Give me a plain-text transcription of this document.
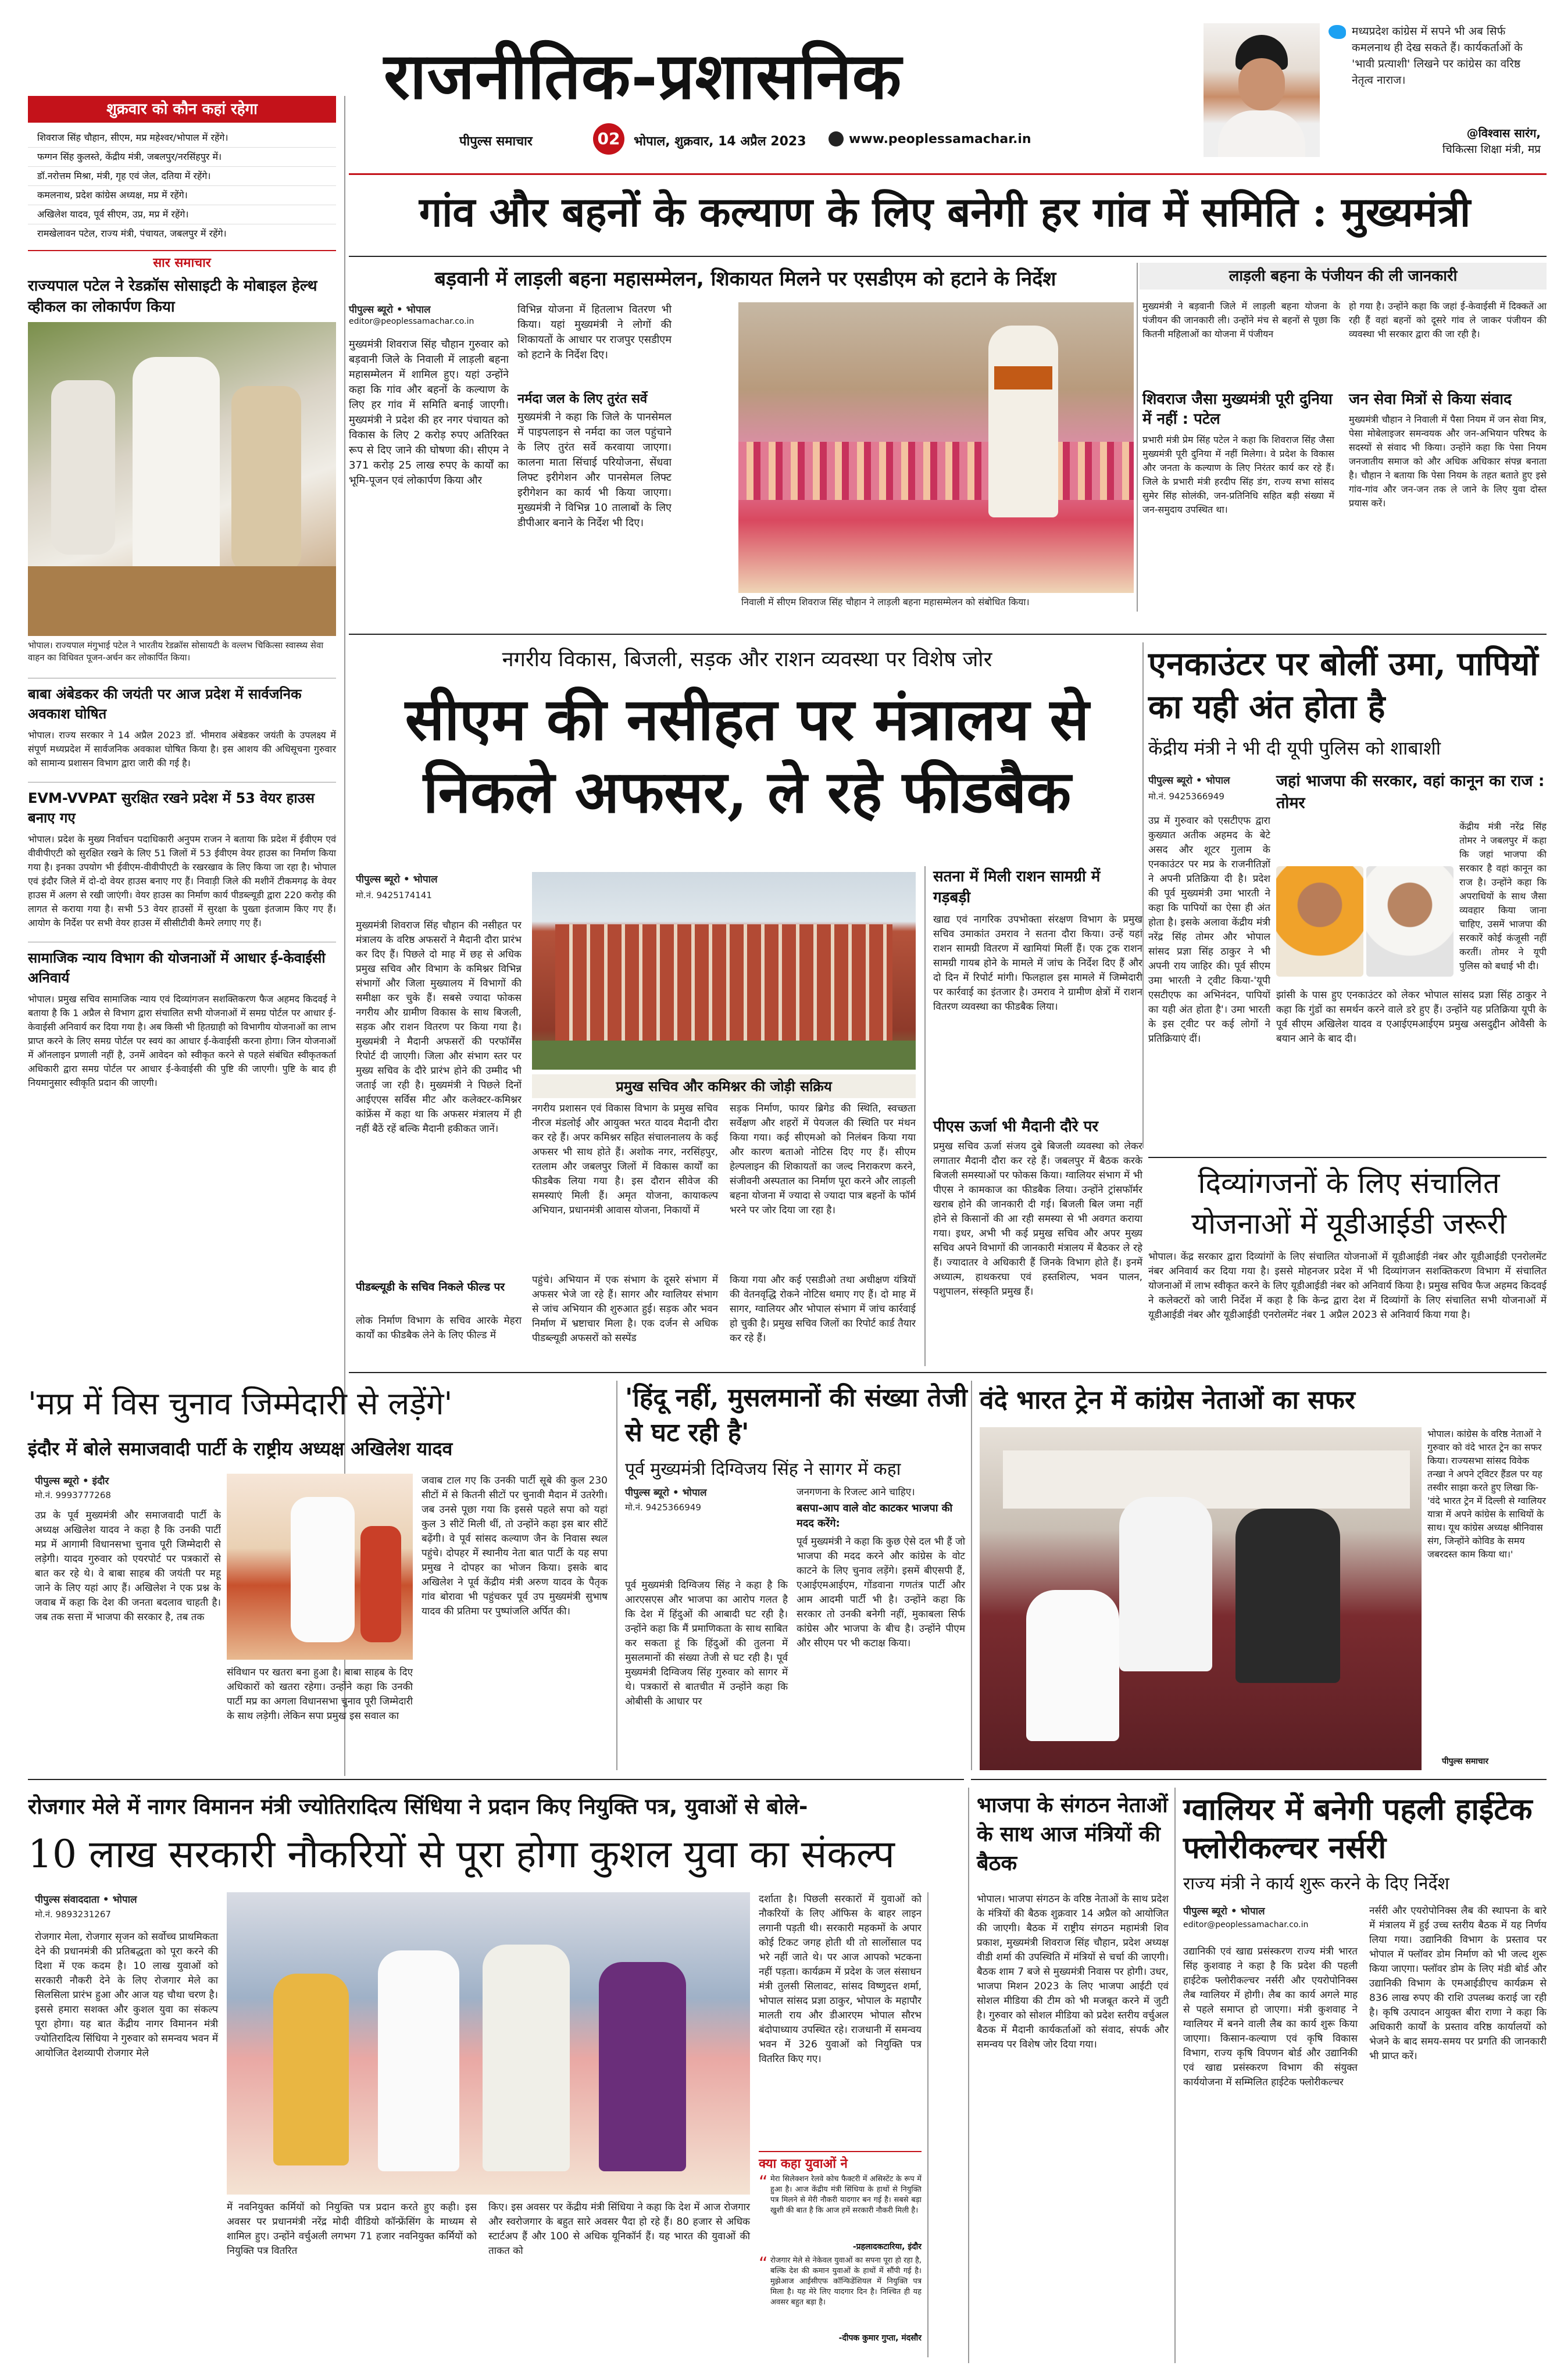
राजनीतिक-प्रशासनिक
पीपुल्स समाचार	02	भोपाल, शुक्रवार, 14 अप्रैल 2023	www.peoplessamachar.in
मध्यप्रदेश कांग्रेस में सपने भी अब सिर्फ कमलनाथ ही देख सकते हैं। कार्यकर्ताओं के 'भावी प्रत्याशी' लिखने पर कांग्रेस का वरिष्ठ नेतृत्व नाराज।
@विश्वास सारंग,
चिकित्सा शिक्षा मंत्री, मप्र
शुक्रवार को कौन कहां रहेगा
शिवराज सिंह चौहान, सीएम, मप्र महेश्वर/भोपाल में रहेंगे।
फग्गन सिंह कुलस्ते, केंद्रीय मंत्री, जबलपुर/नरसिंहपुर में।
डॉ.नरोत्तम मिश्रा, मंत्री, गृह एवं जेल, दतिया में रहेंगे।
कमलनाथ, प्रदेश कांग्रेस अध्यक्ष, मप्र में रहेंगे।
अखिलेश यादव, पूर्व सीएम, उप्र, मप्र में रहेंगे।
रामखेलावन पटेल, राज्य मंत्री, पंचायत, जबलपुर में रहेंगे।
सार समाचार
राज्यपाल पटेल ने रेडक्रॉस सोसाइटी के मोबाइल हेल्थ व्हीकल का लोकार्पण किया
भोपाल। राज्यपाल मंगुभाई पटेल ने भारतीय रेडक्रॉस सोसायटी के वल्लभ चिकित्सा स्वास्थ्य सेवा वाहन का विधिवत पूजन-अर्चन कर लोकार्पित किया।
बाबा अंबेडकर की जयंती पर आज प्रदेश में सार्वजनिक अवकाश घोषित
भोपाल। राज्य सरकार ने 14 अप्रैल 2023 डॉ. भीमराव अंबेडकर जयंती के उपलक्ष्य में संपूर्ण मध्यप्रदेश में सार्वजनिक अवकाश घोषित किया है। इस आशय की अधिसूचना गुरुवार को सामान्य प्रशासन विभाग द्वारा जारी की गई है।
EVM-VVPAT सुरक्षित रखने प्रदेश में 53 वेयर हाउस बनाए गए
भोपाल। प्रदेश के मुख्य निर्वाचन पदाधिकारी अनुपम राजन ने बताया कि प्रदेश में ईवीएम एवं वीवीपीएटी को सुरक्षित रखने के लिए 51 जिलों में 53 ईवीएम वेयर हाउस का निर्माण किया गया है। इनका उपयोग भी ईवीएम-वीवीपीएटी के रखरखाव के लिए किया जा रहा है। भोपाल एवं इंदौर जिले में दो-दो वेयर हाउस बनाए गए हैं। निवाड़ी जिले की मशीनें टीकमगढ़ के वेयर हाउस में अलग से रखी जाएंगी। वेयर हाउस का निर्माण कार्य पीडब्ल्यूडी द्वारा 220 करोड़ की लागत से कराया गया है। सभी 53 वेयर हाउसों में सुरक्षा के पुख्ता इंतजाम किए गए हैं। आयोग के निर्देश पर सभी वेयर हाउस में सीसीटीवी कैमरे लगाए गए हैं।
सामाजिक न्याय विभाग की योजनाओं में आधार ई-केवाईसी अनिवार्य
भोपाल। प्रमुख सचिव सामाजिक न्याय एवं दिव्यांगजन सशक्तिकरण फैज अहमद किदवई ने बताया है कि 1 अप्रैल से विभाग द्वारा संचालित सभी योजनाओं में समग्र पोर्टल पर आधार ई-केवाईसी अनिवार्य कर दिया गया है। अब किसी भी हितग्राही को विभागीय योजनाओं का लाभ प्राप्त करने के लिए समग्र पोर्टल पर स्वयं का आधार ई-केवाईसी करना होगा। जिन योजनाओं में ऑनलाइन प्रणाली नहीं है, उनमें आवेदन को स्वीकृत करने से पहले संबंधित स्वीकृतकर्ता अधिकारी द्वारा समग्र पोर्टल पर आधार ई-केवाईसी की पुष्टि की जाएगी। पुष्टि के बाद ही नियमानुसार स्वीकृति प्रदान की जाएगी।
गांव और बहनों के कल्याण के लिए बनेगी हर गांव में समिति : मुख्यमंत्री
बड़वानी में लाड़ली बहना महासम्मेलन, शिकायत मिलने पर एसडीएम को हटाने के निर्देश	लाड़ली बहना के पंजीयन की ली जानकारी
पीपुल्स ब्यूरो • भोपाल
editor@peoplessamachar.co.in
मुख्यमंत्री शिवराज सिंह चौहान गुरुवार को बड़वानी जिले के निवाली में लाड़ली बहना महासम्मेलन में शामिल हुए। यहां उन्होंने कहा कि गांव और बहनों के कल्याण के लिए हर गांव में समिति बनाई जाएगी। मुख्यमंत्री ने प्रदेश की हर नगर पंचायत को विकास के लिए 2 करोड़ रुपए अतिरिक्त रूप से दिए जाने की घोषणा की। सीएम ने 371 करोड़ 25 लाख रुपए के कार्यों का भूमि-पूजन एवं लोकार्पण किया और
विभिन्न योजना में हितलाभ वितरण भी किया। यहां मुख्यमंत्री ने लोगों की शिकायतों के आधार पर राजपुर एसडीएम को हटाने के निर्देश दिए।
नर्मदा जल के लिए तुरंत सर्वे
मुख्यमंत्री ने कहा कि जिले के पानसेमल में पाइपलाइन से नर्मदा का जल पहुंचाने के लिए तुरंत सर्वे करवाया जाएगा। कालना माता सिंचाई परियोजना, सेंधवा लिफ्ट इरीगेशन और पानसेमल लिफ्ट इरीगेशन का कार्य भी किया जाएगा। मुख्यमंत्री ने विभिन्न 10 तालाबों के लिए डीपीआर बनाने के निर्देश भी दिए।
निवाली में सीएम शिवराज सिंह चौहान ने लाड़ली बहना महासम्मेलन को संबोधित किया।
मुख्यमंत्री ने बड़वानी जिले में लाड़ली बहना योजना के पंजीयन की जानकारी ली। उन्होंने मंच से बहनों से पूछा कि कितनी महिलाओं का योजना में पंजीयन
हो गया है। उन्होंने कहा कि जहां ई-केवाईसी में दिक्कतें आ रही हैं वहां बहनों को दूसरे गांव ले जाकर पंजीयन की व्यवस्था भी सरकार द्वारा की जा रही है।
शिवराज जैसा मुख्यमंत्री पूरी दुनिया में नहीं : पटेल
प्रभारी मंत्री प्रेम सिंह पटेल ने कहा कि शिवराज सिंह जैसा मुख्यमंत्री पूरी दुनिया में नहीं मिलेगा। वे प्रदेश के विकास और जनता के कल्याण के लिए निरंतर कार्य कर रहे हैं। जिले के प्रभारी मंत्री हरदीप सिंह डंग, राज्य सभा सांसद सुमेर सिंह सोलंकी, जन-प्रतिनिधि सहित बड़ी संख्या में जन-समुदाय उपस्थित था।
जन सेवा मित्रों से किया संवाद
मुख्यमंत्री चौहान ने निवाली में पैसा नियम में जन सेवा मित्र, पेसा मोबेलाइजर समन्वयक और जन-अभियान परिषद के सदस्यों से संवाद भी किया। उन्होंने कहा कि पेसा नियम जनजातीय समाज को और अधिक अधिकार संपन्न बनाता है। चौहान ने बताया कि पेसा नियम के तहत बताते हुए इसे गांव-गांव और जन-जन तक ले जाने के लिए युवा दोस्त प्रयास करें।
नगरीय विकास, बिजली, सड़क और राशन व्यवस्था पर विशेष जोर
सीएम की नसीहत पर मंत्रालय से निकले अफसर, ले रहे फीडबैक
पीपुल्स ब्यूरो • भोपाल
मो.नं. 9425174141
मुख्यमंत्री शिवराज सिंह चौहान की नसीहत पर मंत्रालय के वरिष्ठ अफसरों ने मैदानी दौरा प्रारंभ कर दिए हैं। पिछले दो माह में छह से अधिक प्रमुख सचिव और विभाग के कमिश्नर विभिन्न संभागों और जिला मुख्यालय में विभागों की समीक्षा कर चुके हैं। सबसे ज्यादा फोकस नगरीय और ग्रामीण विकास के साथ बिजली, सड़क और राशन वितरण पर किया गया है। मुख्यमंत्री ने मैदानी अफसरों की परफॉर्मेंस रिपोर्ट दी जाएगी। जिला और संभाग स्तर पर मुख्य सचिव के दौरे प्रारंभ होने की उम्मीद भी जताई जा रही है। मुख्यमंत्री ने पिछले दिनों आईएएस सर्विस मीट और कलेक्टर-कमिश्नर कांफ्रेंस में कहा था कि अफसर मंत्रालय में ही नहीं बैठें रहें बल्कि मैदानी हकीकत जानें।
पीडब्ल्यूडी के सचिव निकले फील्ड पर
लोक निर्माण विभाग के सचिव आरके मेहरा कार्यों का फीडबैक लेने के लिए फील्ड में
प्रमुख सचिव और कमिश्नर की जोड़ी सक्रिय
नगरीय प्रशासन एवं विकास विभाग के प्रमुख सचिव नीरज मंडलोई और आयुक्त भरत यादव मैदानी दौरा कर रहे हैं। अपर कमिश्नर सहित संचालनालय के कई अफसर भी साथ होते हैं। अशोक नगर, नरसिंहपुर, रतलाम और जबलपुर जिलों में विकास कार्यों का फीडबैक लिया गया है। इस दौरान सीवेज की समस्याएं मिली हैं। अमृत योजना, कायाकल्प अभियान, प्रधानमंत्री आवास योजना, निकायों में
सड़क निर्माण, फायर ब्रिगेड की स्थिति, स्वच्छता सर्वेक्षण और शहरों में पेयजल की स्थिति पर मंथन किया गया। कई सीएमओ को निलंबन किया गया और कारण बताओ नोटिस दिए गए हैं। सीएम हेल्पलाइन की शिकायतों का जल्द निराकरण करने, संजीवनी अस्पताल का निर्माण पूरा करने और लाड़ली बहना योजना में ज्यादा से ज्यादा पात्र बहनों के फॉर्म भरने पर जोर दिया जा रहा है।
पहुंचे। अभियान में एक संभाग के दूसरे संभाग में अफसर भेजे जा रहे हैं। सागर और ग्वालियर संभाग से जांच अभियान की शुरुआत हुई। सड़क और भवन निर्माण में भ्रष्टाचार मिला है। एक दर्जन से अधिक पीडब्ल्यूडी अफसरों को सस्पेंड
किया गया और कई एसडीओ तथा अधीक्षण यंत्रियों की वेतनवृद्धि रोकने नोटिस थमाए गए हैं। दो माह में सागर, ग्वालियर और भोपाल संभाग में जांच कार्रवाई हो चुकी है। प्रमुख सचिव जिलों का रिपोर्ट कार्ड तैयार कर रहे हैं।
सतना में मिली राशन सामग्री में गड़बड़ी
खाद्य एवं नागरिक उपभोक्ता संरक्षण विभाग के प्रमुख सचिव उमाकांत उमराव ने सतना दौरा किया। उन्हें यहां राशन सामग्री वितरण में खामियां मिलीं हैं। एक ट्रक राशन सामग्री गायब होने के मामले में जांच के निर्देश दिए हैं और दो दिन में रिपोर्ट मांगी। फिलहाल इस मामले में जिम्मेदारी पर कार्रवाई का इंतजार है। उमराव ने ग्रामीण क्षेत्रों में राशन वितरण व्यवस्था का फीडबैक लिया।
पीएस ऊर्जा भी मैदानी दौरे पर
प्रमुख सचिव ऊर्जा संजय दुबे बिजली व्यवस्था को लेकर लगातार मैदानी दौरा कर रहे हैं। जबलपुर में बैठक करके बिजली समस्याओं पर फोकस किया। ग्वालियर संभाग में भी पीएस ने कामकाज का फीडबैक लिया। उन्होंने ट्रांसफॉर्मर खराब होने की जानकारी दी गई। बिजली बिल जमा नहीं होने से किसानों की आ रही समस्या से भी अवगत कराया गया। इधर, अभी भी कई प्रमुख सचिव और अपर मुख्य सचिव अपने विभागों की जानकारी मंत्रालय में बैठकर ले रहे हैं। ज्यादातर वे अधिकारी हैं जिनके विभाग होते हैं। इनमें अध्यात्म, हाथकरघा एवं हस्तशिल्प, भवन पालन, पशुपालन, संस्कृति प्रमुख हैं।
एनकाउंटर पर बोलीं उमा, पापियों का यही अंत होता है
केंद्रीय मंत्री ने भी दी यूपी पुलिस को शाबाशी
पीपुल्स ब्यूरो • भोपाल
मो.नं. 9425366949
उप्र में गुरुवार को एसटीएफ द्वारा कुख्यात अतीक अहमद के बेटे असद और शूटर गुलाम के एनकाउंटर पर मप्र के राजनीतिज्ञों ने अपनी प्रतिक्रिया दी है। प्रदेश की पूर्व मुख्यमंत्री उमा भारती ने कहा कि पापियों का ऐसा ही अंत होता है। इसके अलावा केंद्रीय मंत्री नरेंद्र सिंह तोमर और भोपाल सांसद प्रज्ञा सिंह ठाकुर ने भी अपनी राय जाहिर की। पूर्व सीएम उमा भारती ने ट्वीट किया-'यूपी एसटीएफ का अभिनंदन, पापियों का यही अंत होता है'। उमा भारती के इस ट्वीट पर कई लोगों ने प्रतिक्रियाएं दीं।
जहां भाजपा की सरकार, वहां कानून का राज : तोमर
केंद्रीय मंत्री नरेंद्र सिंह तोमर ने जबलपुर में कहा कि जहां भाजपा की सरकार है वहां कानून का राज है। उन्होंने कहा कि अपराधियों के साथ जैसा व्यवहार किया जाना चाहिए, उसमें भाजपा की सरकारें कोई कंजूसी नहीं करतीं। तोमर ने यूपी पुलिस को बधाई भी दी।
झांसी के पास हुए एनकाउंटर को लेकर भोपाल सांसद प्रज्ञा सिंह ठाकुर ने कहा कि गुंडों का समर्थन करने वाले डरे हुए हैं। उन्होंने यह प्रतिक्रिया यूपी के पूर्व सीएम अखिलेश यादव व एआईएमआईएम प्रमुख असदुद्दीन ओवैसी के बयान आने के बाद दी।
दिव्यांगजनों के लिए संचालित योजनाओं में यूडीआईडी जरूरी
भोपाल। केंद्र सरकार द्वारा दिव्यांगों के लिए संचालित योजनाओं में यूडीआईडी नंबर और यूडीआईडी एनरोलमेंट नंबर अनिवार्य कर दिया गया है। इससे मोहनजर प्रदेश में भी दिव्यांगजन सशक्तिकरण विभाग में संचालित योजनाओं में लाभ स्वीकृत करने के लिए यूडीआईडी नंबर को अनिवार्य किया है। प्रमुख सचिव फैज अहमद किदवई ने कलेक्टरों को जारी निर्देश में कहा है कि केन्द्र द्वारा देश में दिव्यांगों के लिए संचालित सभी योजनाओं में यूडीआईडी नंबर और यूडीआईडी एनरोलमेंट नंबर 1 अप्रैल 2023 से अनिवार्य किया गया है।
'मप्र में विस चुनाव जिम्मेदारी से लड़ेंगे'
इंदौर में बोले समाजवादी पार्टी के राष्ट्रीय अध्यक्ष अखिलेश यादव
पीपुल्स ब्यूरो • इंदौर
मो.नं. 9993777268
उप्र के पूर्व मुख्यमंत्री और समाजवादी पार्टी के अध्यक्ष अखिलेश यादव ने कहा है कि उनकी पार्टी मप्र में आगामी विधानसभा चुनाव पूरी जिम्मेदारी से लड़ेगी। यादव गुरुवार को एयरपोर्ट पर पत्रकारों से बात कर रहे थे। वे बाबा साहब की जयंती पर महू जाने के लिए यहां आए हैं। अखिलेश ने एक प्रश्न के जवाब में कहा कि देश की जनता बदलाव चाहती है। जब तक सत्ता में भाजपा की सरकार है, तब तक
संविधान पर खतरा बना हुआ है। बाबा साहब के दिए अधिकारों को खतरा रहेगा। उन्होंने कहा कि उनकी पार्टी मप्र का अगला विधानसभा चुनाव पूरी जिम्मेदारी के साथ लड़ेगी। लेकिन सपा प्रमुख इस सवाल का
जवाब टाल गए कि उनकी पार्टी सूबे की कुल 230 सीटों में से कितनी सीटों पर चुनावी मैदान में उतरेगी। जब उनसे पूछा गया कि इससे पहले सपा को यहां कुल 3 सीटें मिली थीं, तो उन्होंने कहा इस बार सीटें बढ़ेंगी। वे पूर्व सांसद कल्याण जैन के निवास स्थल पहुंचे। दोपहर में स्थानीय नेता बात पार्टी के यह सपा प्रमुख ने दोपहर का भोजन किया। इसके बाद अखिलेश ने पूर्व केंद्रीय मंत्री अरुण यादव के पैतृक गांव बोरावा भी पहुंचकर पूर्व उप मुख्यमंत्री सुभाष यादव की प्रतिमा पर पुष्पांजलि अर्पित की।
'हिंदू नहीं, मुसलमानों की संख्या तेजी से घट रही है'
पूर्व मुख्यमंत्री दिग्विजय सिंह ने सागर में कहा
पीपुल्स ब्यूरो • भोपाल
मो.नं. 9425366949
पूर्व मुख्यमंत्री दिग्विजय सिंह ने कहा है कि आरएसएस और भाजपा का आरोप गलत है कि देश में हिंदुओं की आबादी घट रही है। उन्होंने कहा कि मैं प्रमाणिकता के साथ साबित कर सकता हूं कि हिंदुओं की तुलना में मुसलमानों की संख्या तेजी से घट रही है। पूर्व मुख्यमंत्री दिग्विजय सिंह गुरुवार को सागर में थे। पत्रकारों से बातचीत में उन्होंने कहा कि ओबीसी के आधार पर
जनगणना के रिजल्ट आने चाहिए।
बसपा-आप वाले वोट काटकर भाजपा की मदद करेंगे:
पूर्व मुख्यमंत्री ने कहा कि कुछ ऐसे दल भी हैं जो भाजपा की मदद करने और कांग्रेस के वोट काटने के लिए चुनाव लड़ेंगे। इसमें बीएसपी हैं, एआईएमआईएम, गोंडवाना गणतंत्र पार्टी और आम आदमी पार्टी भी है। उन्होंने कहा कि सरकार तो उनकी बनेगी नहीं, मुकाबला सिर्फ कांग्रेस और भाजपा के बीच है। उन्होंने पीएम और सीएम पर भी कटाक्ष किया।
वंदे भारत ट्रेन में कांग्रेस नेताओं का सफर
भोपाल। कांग्रेस के वरिष्ठ नेताओं ने गुरुवार को वंदे भारत ट्रेन का सफर किया। राज्यसभा सांसद विवेक तन्खा ने अपने ट्विटर हैंडल पर यह तस्वीर साझा करते हुए लिखा कि-'वंदे भारत ट्रेन में दिल्ली से ग्वालियर यात्रा में अपने कांग्रेस के साथियों के साथ। यूथ कांग्रेस अध्यक्ष श्रीनिवास संग, जिन्होंने कोविड के समय जबरदस्त काम किया था।'
पीपुल्स समाचार
रोजगार मेले में नागर विमानन मंत्री ज्योतिरादित्य सिंधिया ने प्रदान किए नियुक्ति पत्र, युवाओं से बोले-
10 लाख सरकारी नौकरियों से पूरा होगा कुशल युवा का संकल्प
पीपुल्स संवाददाता • भोपाल
मो.नं. 9893231267
रोजगार मेला, रोजगार सृजन को सर्वोच्च प्राथमिकता देने की प्रधानमंत्री की प्रतिबद्धता को पूरा करने की दिशा में एक कदम है। 10 लाख युवाओं को सरकारी नौकरी देने के लिए रोजगार मेले का सिलसिला प्रारंभ हुआ और आज यह चौथा चरण है। इससे हमारा सशक्त और कुशल युवा का संकल्प पूरा होगा। यह बात केंद्रीय नागर विमानन मंत्री ज्योतिरादित्य सिंधिया ने गुरुवार को समन्वय भवन में आयोजित देशव्यापी रोजगार मेले
में नवनियुक्त कर्मियों को नियुक्ति पत्र प्रदान करते हुए कही। इस अवसर पर प्रधानमंत्री नरेंद्र मोदी वीडियो कॉन्फ्रेंसिंग के माध्यम से शामिल हुए। उन्होंने वर्चुअली लगभग 71 हजार नवनियुक्त कर्मियों को नियुक्ति पत्र वितरित
किए। इस अवसर पर केंद्रीय मंत्री सिंधिया ने कहा कि देश में आज रोजगार और स्वरोजगार के बहुत सारे अवसर पैदा हो रहे हैं। 80 हजार से अधिक स्टार्टअप हैं और 100 से अधिक यूनिकॉर्न हैं। यह भारत की युवाओं की ताकत को
दर्शाता है। पिछली सरकारों में युवाओं को नौकरियों के लिए ऑफिस के बाहर लाइन लगानी पड़ती थी। सरकारी महकमों के अपार कोई टिकट जगह होती थी तो सालोंसाल पद भरे नहीं जाते थे। पर आज आपको भटकना नहीं पड़ता। कार्यक्रम में प्रदेश के जल संसाधन मंत्री तुलसी सिलावट, सांसद विष्णुदत्त शर्मा, भोपाल सांसद प्रज्ञा ठाकुर, भोपाल के महापौर मालती राय और डीआरएम भोपाल सौरभ बंदोपाध्याय उपस्थित रहे। राजधानी में समन्वय भवन में 326 युवाओं को नियुक्ति पत्र वितरित किए गए।
भाजपा के संगठन नेताओं के साथ आज मंत्रियों की बैठक
भोपाल। भाजपा संगठन के वरिष्ठ नेताओं के साथ प्रदेश के मंत्रियों की बैठक शुक्रवार 14 अप्रैल को आयोजित की जाएगी। बैठक में राष्ट्रीय संगठन महामंत्री शिव प्रकाश, मुख्यमंत्री शिवराज सिंह चौहान, प्रदेश अध्यक्ष वीडी शर्मा की उपस्थिति में मंत्रियों से चर्चा की जाएगी। बैठक शाम 7 बजे से मुख्यमंत्री निवास पर होगी। उधर, भाजपा मिशन 2023 के लिए भाजपा आईटी एवं सोशल मीडिया की टीम को भी मजबूत करने में जुटी है। गुरुवार को सोशल मीडिया को प्रदेश स्तरीय वर्चुअल बैठक में मैदानी कार्यकर्ताओं को संवाद, संपर्क और समन्वय पर विशेष जोर दिया गया।
ग्वालियर में बनेगी पहली हाईटेक फ्लोरीकल्चर नर्सरी
राज्य मंत्री ने कार्य शुरू करने के दिए निर्देश
पीपुल्स ब्यूरो • भोपाल
editor@peoplessamachar.co.in
उद्यानिकी एवं खाद्य प्रसंस्करण राज्य मंत्री भारत सिंह कुशवाह ने कहा है कि प्रदेश की पहली हाईटेक फ्लोरीकल्चर नर्सरी और एयरोपोनिक्स लैब ग्वालियर में होगी। लैब का कार्य अगले माह से पहले समाप्त हो जाएगा। मंत्री कुशवाह ने ग्वालियर में बनने वाली लैब का कार्य शुरू किया जाएगा। किसान-कल्याण एवं कृषि विकास विभाग, राज्य कृषि विपणन बोर्ड और उद्यानिकी एवं खाद्य प्रसंस्करण विभाग की संयुक्त कार्ययोजना में सम्मिलित हाईटेक फ्लोरीकल्चर
नर्सरी और एयरोपोनिक्स लैब की स्थापना के बारे में मंत्रालय में हुई उच्च स्तरीय बैठक में यह निर्णय लिया गया। उद्यानिकी विभाग के प्रस्ताव पर भोपाल में फ्लॉवर डोम निर्माण को भी जल्द शुरू किया जाएगा। फ्लॉवर डोम के लिए मंडी बोर्ड और उद्यानिकी विभाग के एमआईडीएच कार्यक्रम से 836 लाख रुपए की राशि उपलब्ध कराई जा रही है। कृषि उत्पादन आयुक्त बीरा राणा ने कहा कि अधिकारी कार्यों के प्रस्ताव वरिष्ठ कार्यालयों को भेजने के बाद समय-समय पर प्रगति की जानकारी भी प्राप्त करें।
क्या कहा युवाओं ने
“ मेरा सिलेक्शन रेलवे कोच फैक्टरी में असिस्टेंट के रूप में हुआ है। आज केंद्रीय मंत्री सिंधिया के हाथों से नियुक्ति पत्र मिलने से मेरी नौकरी यादगार बन गई है। सबसे बड़ा खुशी की बात है कि आज हमें सरकारी नौकरी मिली है।
-प्रहलादकटारिया, इंदौर
“ रोजगार मेले से नेकेवल युवाओं का सपना पूरा हो रहा है, बल्कि देश की कमान युवाओं के हाथों में सौंपी गई है। मुझेआज आईसीएफ कॉन्फिडेंशियल में नियुक्ति पत्र मिला है। यह मेरे लिए यादगार दिन है। निश्चित ही यह अवसर बहुत बड़ा है।
-दीपक कुमार गुप्ता, मंदसौर
